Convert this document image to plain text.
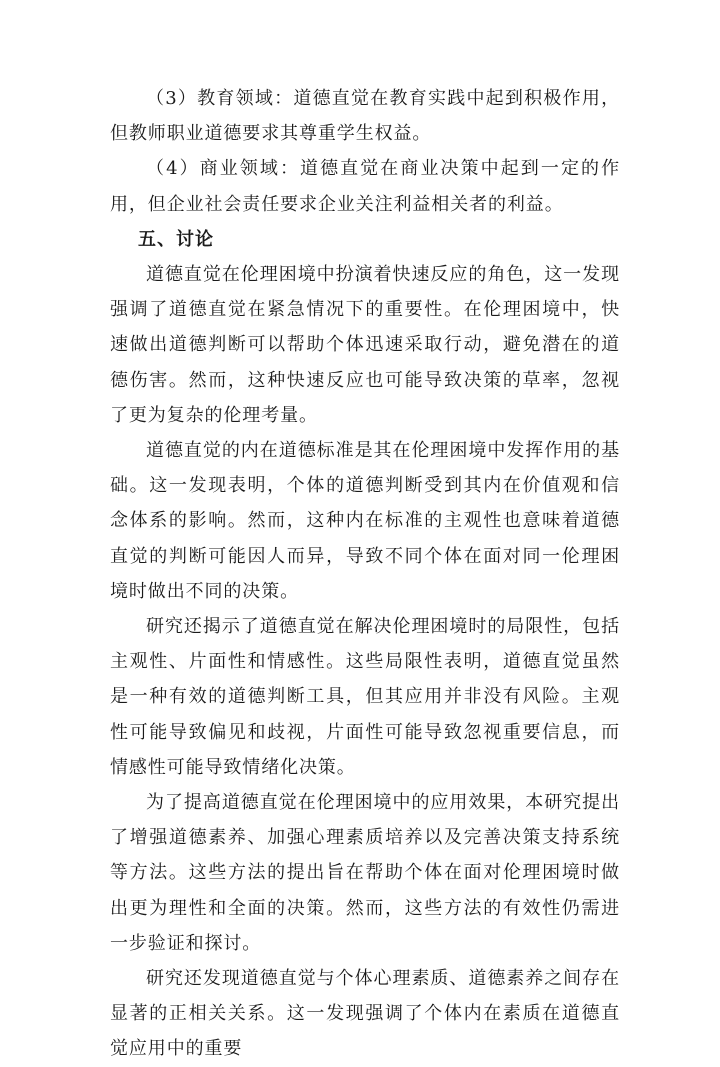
（3）教育领域：道德直觉在教育实践中起到积极作用，但教师职业道德要求其尊重学生权益。

（4）商业领域：道德直觉在商业决策中起到一定的作用，但企业社会责任要求企业关注利益相关者的利益。

五、讨论

道德直觉在伦理困境中扮演着快速反应的角色，这一发现强调了道德直觉在紧急情况下的重要性。在伦理困境中，快速做出道德判断可以帮助个体迅速采取行动，避免潜在的道德伤害。然而，这种快速反应也可能导致决策的草率，忽视了更为复杂的伦理考量。

道德直觉的内在道德标准是其在伦理困境中发挥作用的基础。这一发现表明，个体的道德判断受到其内在价值观和信念体系的影响。然而，这种内在标准的主观性也意味着道德直觉的判断可能因人而异，导致不同个体在面对同一伦理困境时做出不同的决策。

研究还揭示了道德直觉在解决伦理困境时的局限性，包括主观性、片面性和情感性。这些局限性表明，道德直觉虽然是一种有效的道德判断工具，但其应用并非没有风险。主观性可能导致偏见和歧视，片面性可能导致忽视重要信息，而情感性可能导致情绪化决策。

为了提高道德直觉在伦理困境中的应用效果，本研究提出了增强道德素养、加强心理素质培养以及完善决策支持系统等方法。这些方法的提出旨在帮助个体在面对伦理困境时做出更为理性和全面的决策。然而，这些方法的有效性仍需进一步验证和探讨。

研究还发现道德直觉与个体心理素质、道德素养之间存在显著的正相关关系。这一发现强调了个体内在素质在道德直觉应用中的重要
